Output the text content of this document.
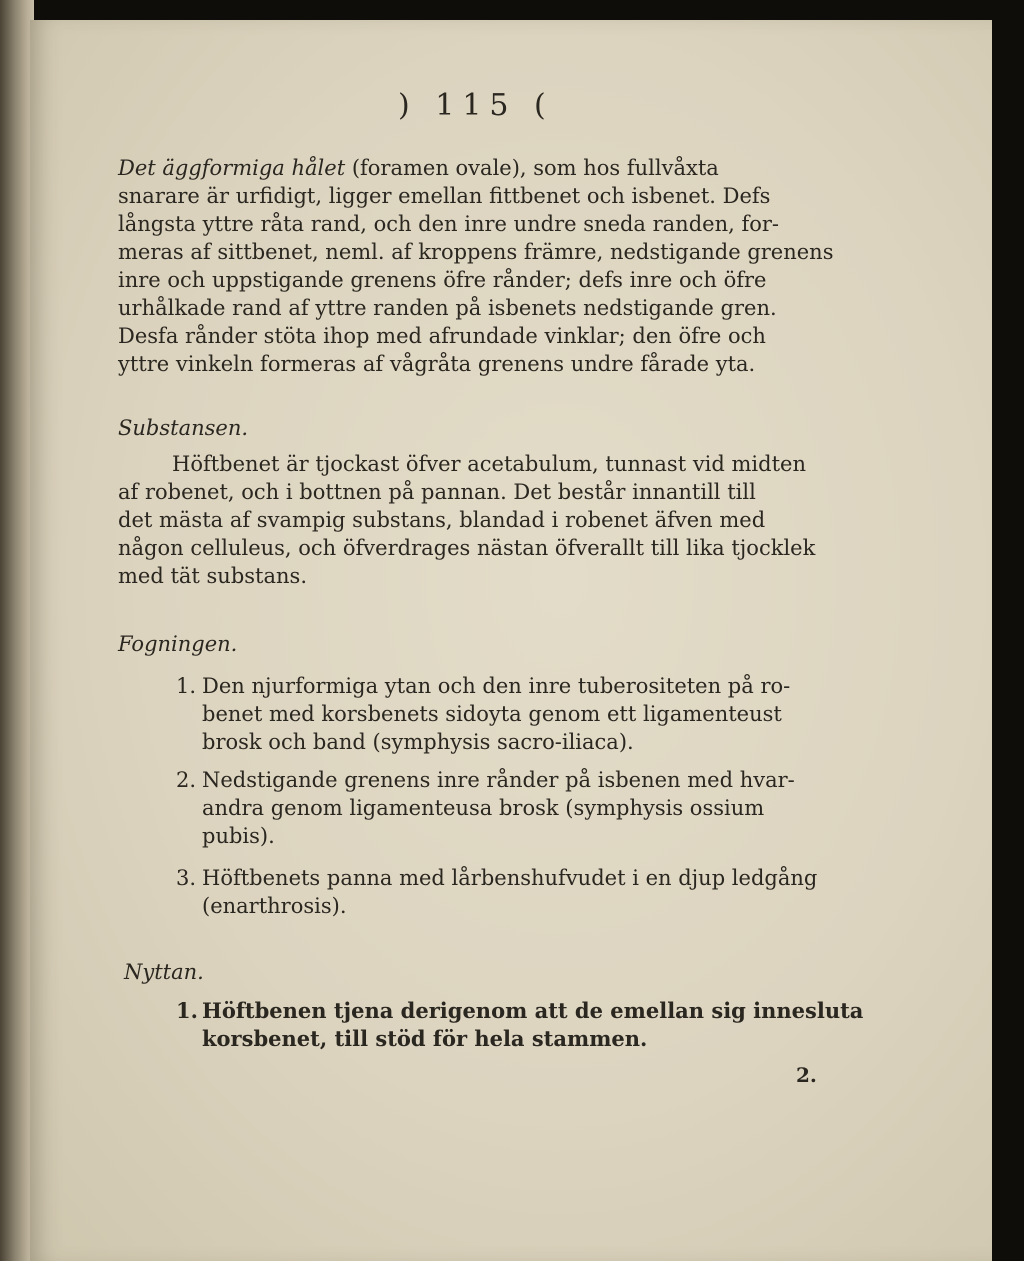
) 115 (
Det äggformiga hålet (foramen ovale), som hos fullvåxta
snarare är urfidigt, ligger emellan fittbenet och isbenet. Defs
långsta yttre råta rand, och den inre undre sneda randen, for-
meras af sittbenet, neml. af kroppens främre, nedstigande grenens
inre och uppstigande grenens öfre rånder; defs inre och öfre
urhålkade rand af yttre randen på isbenets nedstigande gren.
Desfa rånder stöta ihop med afrundade vinklar; den öfre och
yttre vinkeln formeras af vågråta grenens undre fårade yta.
Substansen.
Höftbenet är tjockast öfver acetabulum, tunnast vid midten
af robenet, och i bottnen på pannan. Det består innantill till
det mästa af svampig substans, blandad i robenet äfven med
någon celluleus, och öfverdrages nästan öfverallt till lika tjocklek
med tät substans.
Fogningen.
1. Den njurformiga ytan och den inre tuberositeten på ro-
benet med korsbenets sidoyta genom ett ligamenteust
brosk och band (symphysis sacro-iliaca).
2. Nedstigande grenens inre rånder på isbenen med hvar-
andra genom ligamenteusa brosk (symphysis ossium
pubis).
3. Höftbenets panna med lårbenshufvudet i en djup ledgång
(enarthrosis).
Nyttan.
1. Höftbenen tjena derigenom att de emellan sig innesluta
korsbenet, till stöd för hela stammen.
2.
